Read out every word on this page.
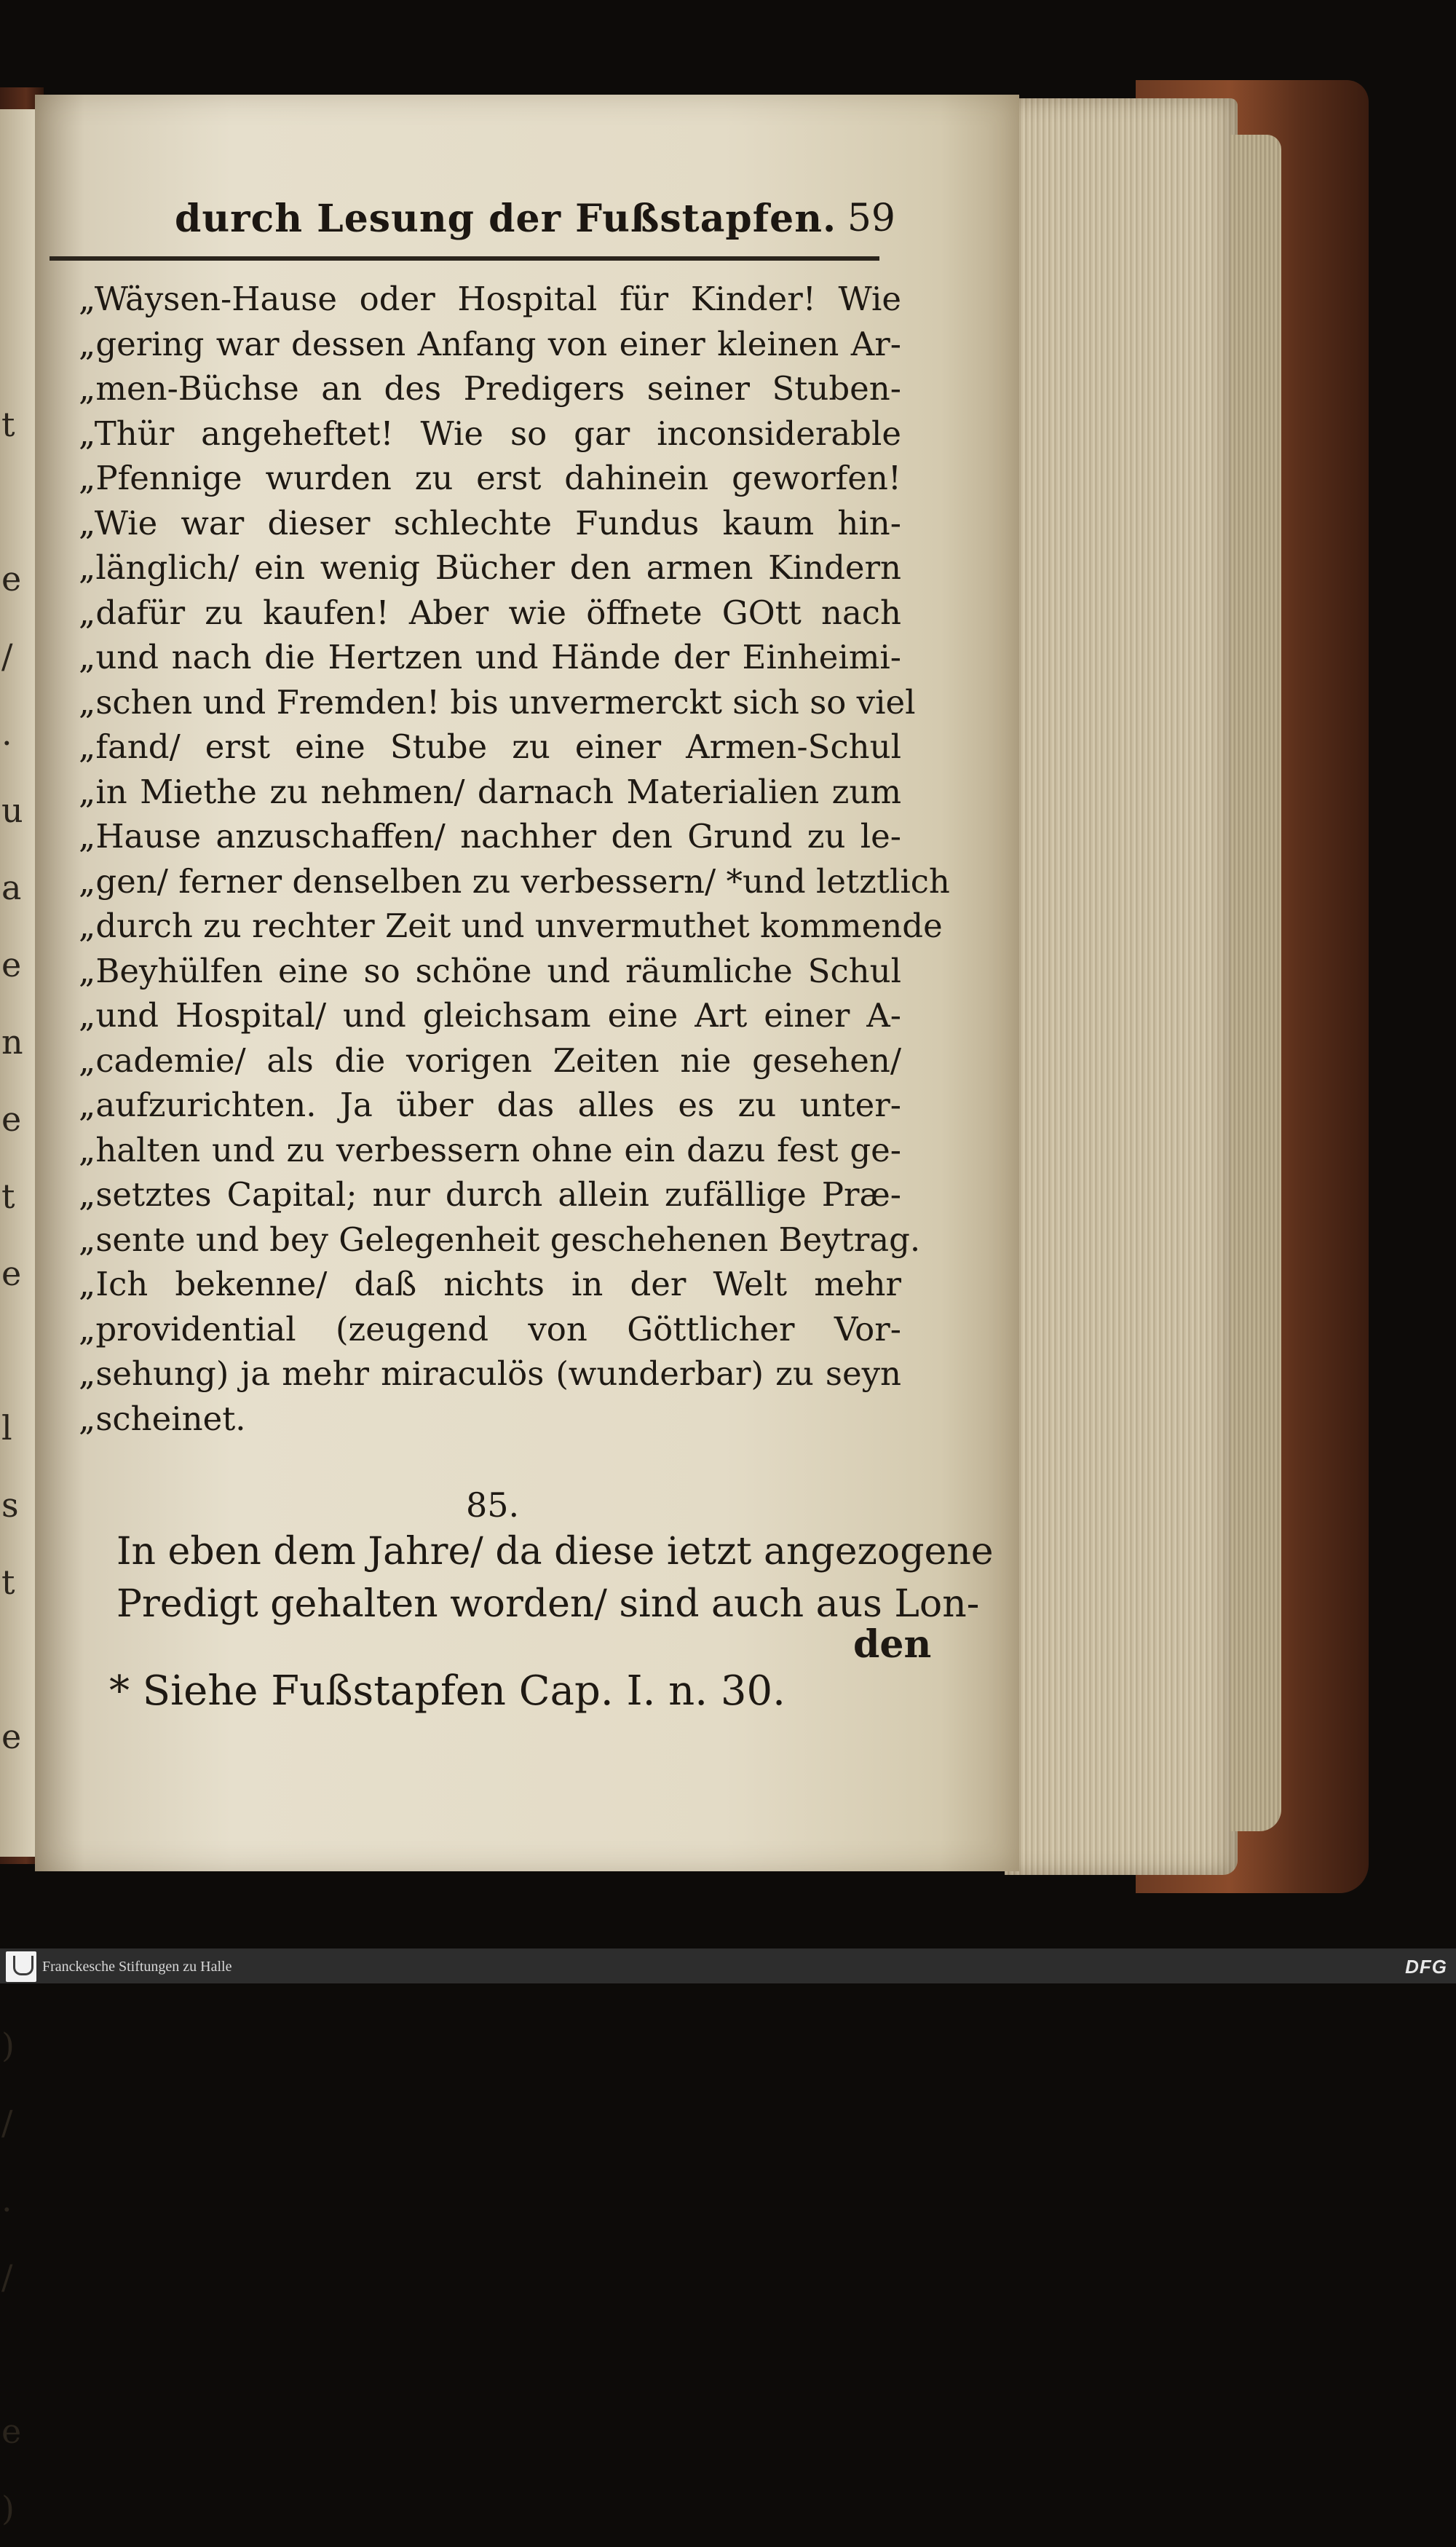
t

e
/
.
u
a
e
n
e
t
e

l
s
t

e

)
/
.
/

e
)

durch Lesung der Fußstapfen. 59
„Wäysen-Hause oder Hospital für Kinder! Wie
„gering war dessen Anfang von einer kleinen Ar-
„men-Büchse an des Predigers seiner Stuben-
„Thür angeheftet! Wie so gar inconsiderable
„Pfennige wurden zu erst dahinein geworfen!
„Wie war dieser schlechte Fundus kaum hin-
„länglich/ ein wenig Bücher den armen Kindern
„dafür zu kaufen! Aber wie öffnete GOtt nach
„und nach die Hertzen und Hände der Einheimi-
„schen und Fremden! bis unvermerckt sich so viel
„fand/ erst eine Stube zu einer Armen-Schul
„in Miethe zu nehmen/ darnach Materialien zum
„Hause anzuschaffen/ nachher den Grund zu le-
„gen/ ferner denselben zu verbessern/ *und letztlich
„durch zu rechter Zeit und unvermuthet kommende
„Beyhülfen eine so schöne und räumliche Schul
„und Hospital/ und gleichsam eine Art einer A-
„cademie/ als die vorigen Zeiten nie gesehen/
„aufzurichten. Ja über das alles es zu unter-
„halten und zu verbessern ohne ein dazu fest ge-
„setztes Capital; nur durch allein zufällige Præ-
„sente und bey Gelegenheit geschehenen Beytrag.
„Ich bekenne/ daß nichts in der Welt mehr
„providential (zeugend von Göttlicher Vor-
„sehung) ja mehr miraculös (wunderbar) zu seyn
„scheinet.
85.
In eben dem Jahre/ da diese ietzt angezogene
Predigt gehalten worden/ sind auch aus Lon-
den
* Siehe Fußstapfen Cap. I. n. 30.
Franckesche Stiftungen zu Halle	DFG
